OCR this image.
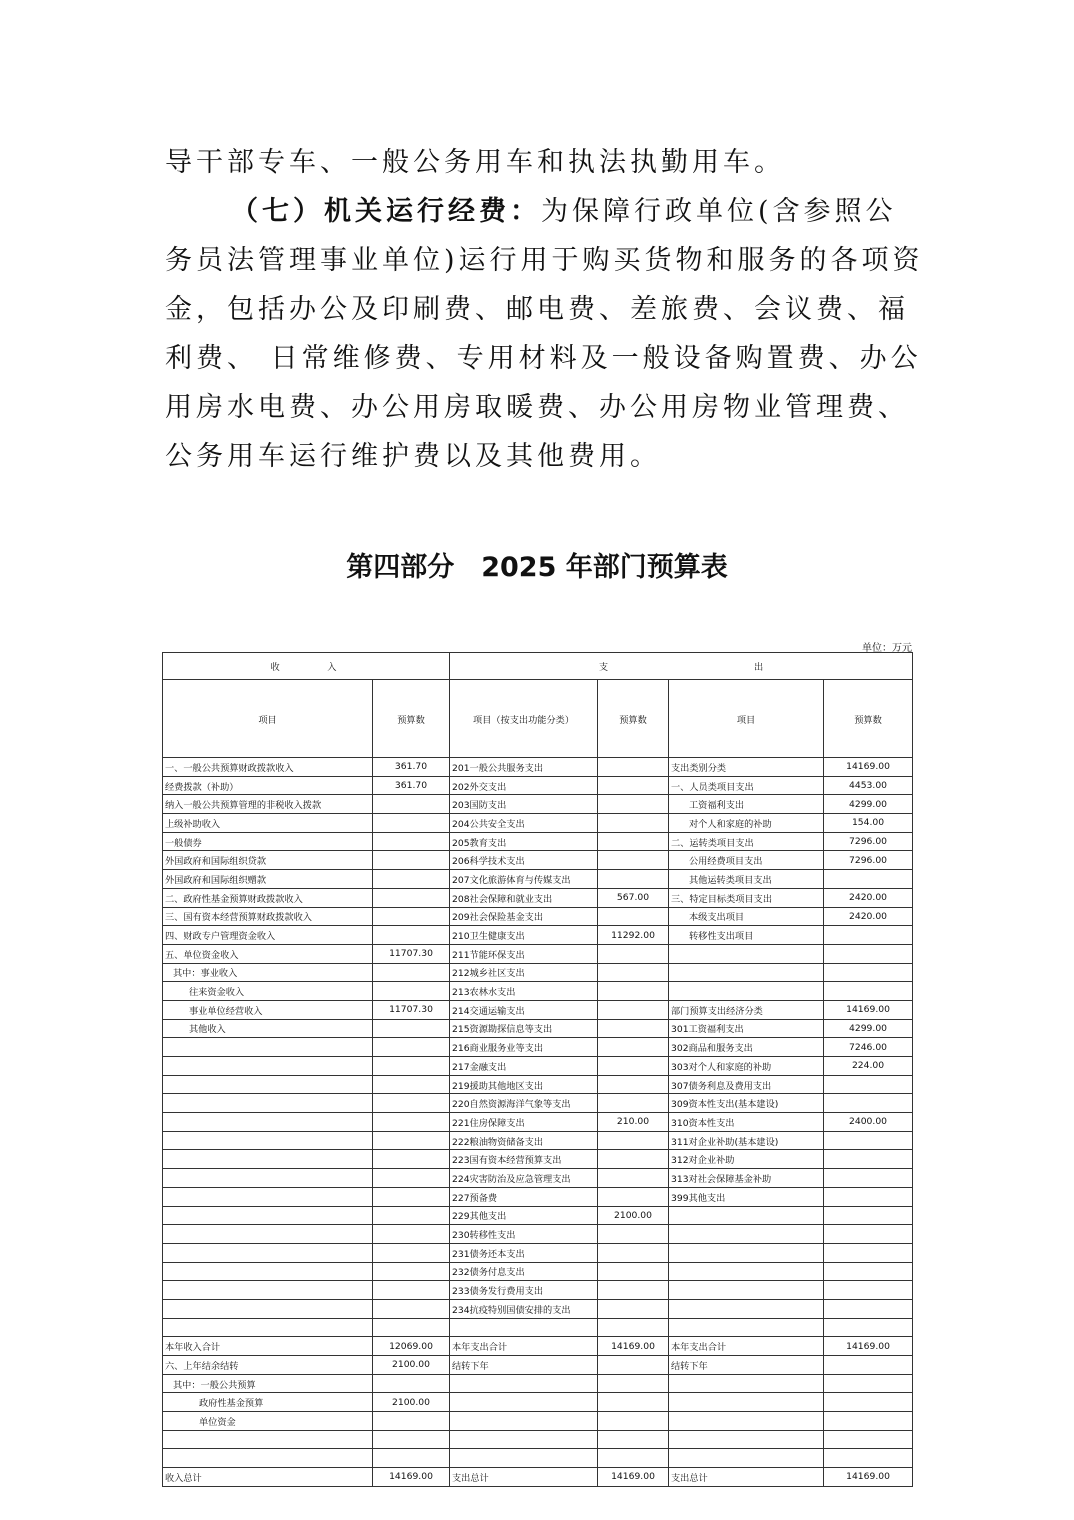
导干部专车、一般公务用车和执法执勤用车。

（七）机关运行经费：为保障行政单位(含参照公务员法管理事业单位)运行用于购买货物和服务的各项资金，包括办公及印刷费、邮电费、差旅费、会议费、福利费、 日常维修费、专用材料及一般设备购置费、办公用房水电费、办公用房取暖费、办公用房物业管理费、公务用车运行维护费以及其他费用。

第四部分　2025 年部门预算表
单位：万元
收　　　入		支 出			
项目	预算数	项目（按支出功能分类）	预算数	项目	预算数
一、一般公共预算财政拨款收入	361.70	201一般公共服务支出		支出类别分类	14169.00
经费拨款（补助）	361.70	202外交支出		一、人员类项目支出	4453.00
纳入一般公共预算管理的非税收入拨款		203国防支出		工资福利支出	4299.00
上级补助收入		204公共安全支出		对个人和家庭的补助	154.00
一般债券		205教育支出		二、运转类项目支出	7296.00
外国政府和国际组织贷款		206科学技术支出		公用经费项目支出	7296.00
外国政府和国际组织赠款		207文化旅游体育与传媒支出		其他运转类项目支出	
二、政府性基金预算财政拨款收入		208社会保障和就业支出	567.00	三、特定目标类项目支出	2420.00
三、国有资本经营预算财政拨款收入		209社会保险基金支出		本级支出项目	2420.00
四、财政专户管理资金收入		210卫生健康支出	11292.00	转移性支出项目	
五、单位资金收入	11707.30	211节能环保支出			
其中：事业收入		212城乡社区支出			
往来资金收入		213农林水支出			
事业单位经营收入	11707.30	214交通运输支出		部门预算支出经济分类	14169.00
其他收入		215资源勘探信息等支出		301工资福利支出	4299.00
		216商业服务业等支出		302商品和服务支出	7246.00
		217金融支出		303对个人和家庭的补助	224.00
		219援助其他地区支出		307债务利息及费用支出	
		220自然资源海洋气象等支出		309资本性支出(基本建设)	
		221住房保障支出	210.00	310资本性支出	2400.00
		222粮油物资储备支出		311对企业补助(基本建设)	
		223国有资本经营预算支出		312对企业补助	
		224灾害防治及应急管理支出		313对社会保障基金补助	
		227预备费		399其他支出	
		229其他支出	2100.00		
		230转移性支出			
		231债务还本支出			
		232债务付息支出			
		233债务发行费用支出			
		234抗疫特别国债安排的支出			

本年收入合计	12069.00	本年支出合计	14169.00	本年支出合计	14169.00
六、上年结余结转	2100.00	结转下年		结转下年	
其中：一般公共预算					
政府性基金预算	2100.00				
单位资金					

收入总计	14169.00	支出总计	14169.00	支出总计	14169.00
